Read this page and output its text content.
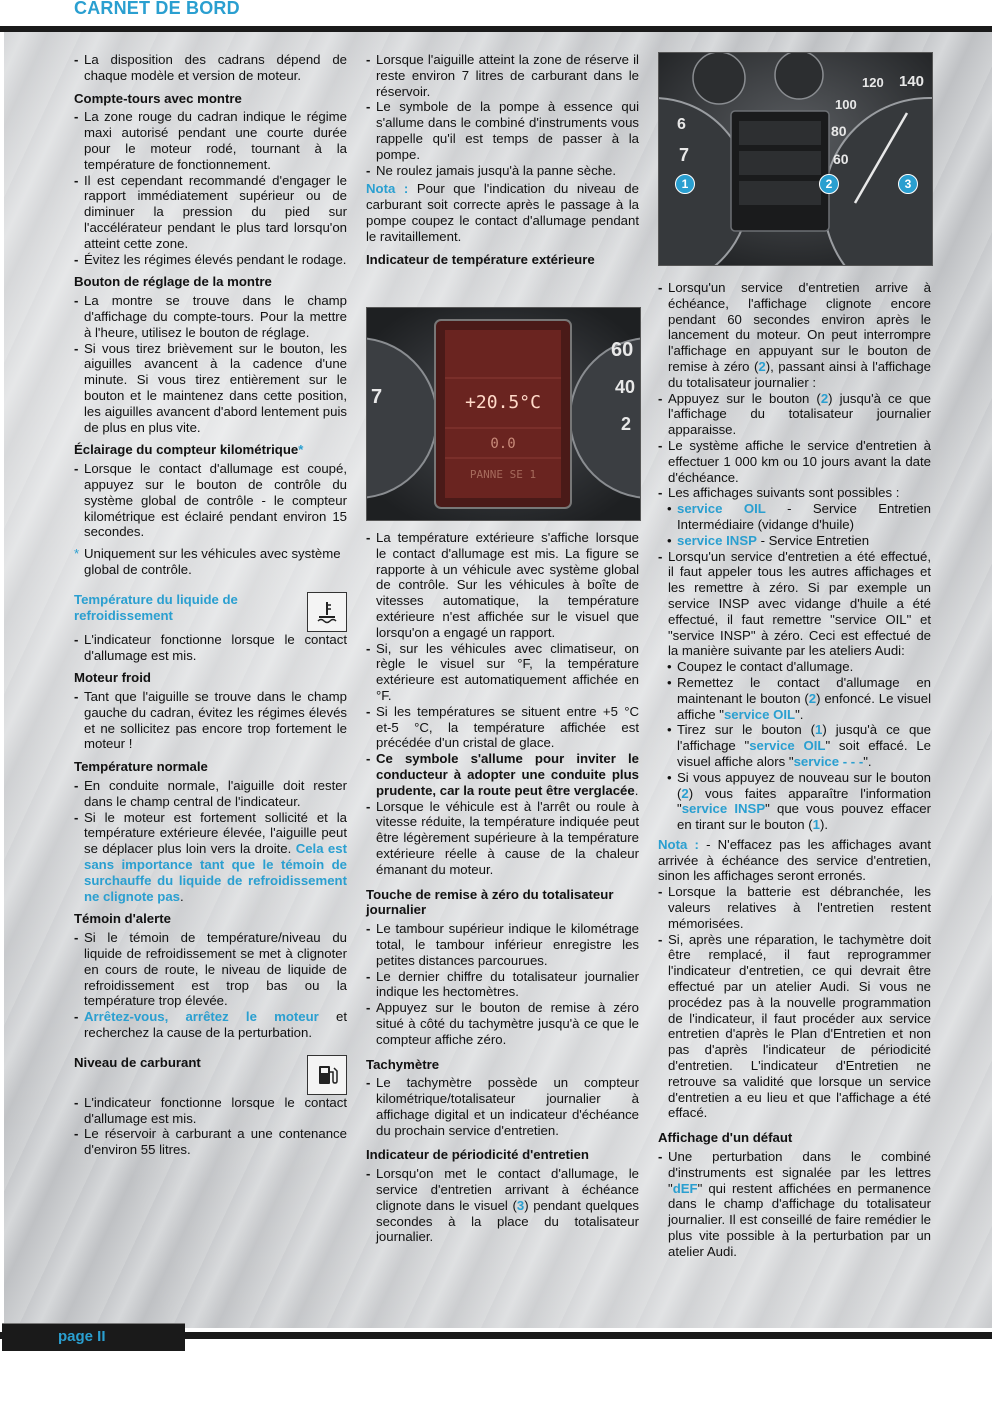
CARNET DE BORD

- La disposition des cadrans dépend de chaque modèle et version de moteur.

Compte-tours avec montre

- La zone rouge du cadran indique le régime maxi autorisé pendant une courte durée pour le moteur rodé, tournant à la température de fonctionnement.

- Il est cependant recommandé d'engager le rapport immédiatement supérieur ou de diminuer la pression du pied sur l'accélérateur pendant le plus tard lorsqu'on atteint cette zone.

- Évitez les régimes élevés pendant le rodage.

Bouton de réglage de la montre

- La montre se trouve dans le champ d'affichage du compte-tours. Pour la mettre à l'heure, utilisez le bouton de réglage.

- Si vous tirez brièvement sur le bouton, les aiguilles avancent à la cadence d'une minute. Si vous tirez entièrement sur le bouton et le maintenez dans cette position, les aiguilles avancent d'abord lentement puis de plus en plus vite.

Éclairage du compteur kilométrique*

- Lorsque le contact d'allumage est coupé, appuyez sur le bouton de contrôle du système global de contrôle - le compteur kilométrique est éclairé pendant environ 15 secondes.

* Uniquement sur les véhicules avec système global de contrôle.

Température du liquide de refroidissement

- L'indicateur fonctionne lorsque le contact d'allumage est mis.

Moteur froid

- Tant que l'aiguille se trouve dans le champ gauche du cadran, évitez les régimes élevés et ne sollicitez pas encore trop fortement le moteur !

Température normale

- En conduite normale, l'aiguille doit rester dans le champ central de l'indicateur.

- Si le moteur est fortement sollicité et la température extérieure élevée, l'aiguille peut se déplacer plus loin vers la droite. Cela est sans importance tant que le témoin de surchauffe du liquide de refroidissement ne clignote pas.

Témoin d'alerte

- Si le témoin de température/niveau du liquide de refroidissement se met à clignoter en cours de route, le niveau de liquide de refroidissement est trop bas ou la température trop élevée.

- Arrêtez-vous, arrêtez le moteur et recherchez la cause de la perturbation.

Niveau de carburant

- L'indicateur fonctionne lorsque le contact d'allumage est mis.

- Le réservoir à carburant a une contenance d'environ 55 litres.

- Lorsque l'aiguille atteint la zone de réserve il reste environ 7 litres de carburant dans le réservoir.

- Le symbole de la pompe à essence qui s'allume dans le combiné d'instruments vous rappelle qu'il est temps de passer à la pompe.

- Ne roulez jamais jusqu'à la panne sèche.

Nota : Pour que l'indication du niveau de carburant soit correcte après le passage à la pompe coupez le contact d'allumage pendant le ravitaillement.

Indicateur de température extérieure

7
60
40
2
+20.5°C
0.0
PANNE SE 1

- La température extérieure s'affiche lorsque le contact d'allumage est mis. La figure se rapporte à un véhicule avec système global de contrôle. Sur les véhicules à boîte de vitesses automatique, la température extérieure n'est affichée sur le visuel que lorsqu'on a engagé un rapport.

- Si, sur les véhicules avec climatiseur, on règle le visuel sur °F, la température extérieure est automatiquement affichée en °F.

- Si les températures se situent entre +5 °C et-5 °C, la température affichée est précédée d'un cristal de glace.

- Ce symbole s'allume pour inviter le conducteur à adopter une conduite plus prudente, car la route peut être verglacée.

- Lorsque le véhicule est à l'arrêt ou roule à vitesse réduite, la température indiquée peut être légèrement supérieure à la température extérieure réelle à cause de la chaleur émanant du moteur.

Touche de remise à zéro du totalisateur journalier

- Le tambour supérieur indique le kilométrage total, le tambour inférieur enregistre les petites distances parcourues.

- Le dernier chiffre du totalisateur journalier indique les hectomètres.

- Appuyez sur le bouton de remise à zéro situé à côté du tachymètre jusqu'à ce que le compteur affiche zéro.

Tachymètre

- Le tachymètre possède un compteur kilométrique/totalisateur journalier à affichage digital et un indicateur d'échéance du prochain service d'entretien.

Indicateur de périodicité d'entretien

- Lorsqu'on met le contact d'allumage, le service d'entretien arrivant à échéance clignote dans le visuel (3) pendant quelques secondes à la place du totalisateur journalier.

7
6
140
120
100
80
60
1	2	3

- Lorsqu'un service d'entretien arrive à échéance, l'affichage clignote encore pendant 60 secondes environ après le lancement du moteur. On peut interrompre l'affichage en appuyant sur le bouton de remise à zéro (2), passant ainsi à l'affichage du totalisateur journalier :

- Appuyez sur le bouton (2) jusqu'à ce que l'affichage du totalisateur journalier apparaisse.

- Le système affiche le service d'entretien à effectuer 1 000 km ou 10 jours avant la date d'échéance.

- Les affichages suivants sont possibles :

• service OIL - Service Entretien Intermédiaire (vidange d'huile)

• service INSP - Service Entretien

- Lorsqu'un service d'entretien a été effectué, il faut appeler tous les autres affichages et les remettre à zéro. Si par exemple un service INSP avec vidange d'huile a été effectué, il faut remettre "service OIL" et "service INSP" à zéro. Ceci est effectué de la manière suivante par les ateliers Audi:

• Coupez le contact d'allumage.

• Remettez le contact d'allumage en maintenant le bouton (2) enfoncé. Le visuel affiche "service OIL".

• Tirez sur le bouton (1) jusqu'à ce que l'affichage "service OIL" soit effacé. Le visuel affiche alors "service - - -".

• Si vous appuyez de nouveau sur le bouton (2) vous faites apparaître l'information "service INSP" que vous pouvez effacer en tirant sur le bouton (1).

Nota : - N'effacez pas les affichages avant arrivée à échéance des service d'entretien, sinon les affichages seront erronés.

- Lorsque la batterie est débranchée, les valeurs relatives à l'entretien restent mémorisées.

- Si, après une réparation, le tachymètre doit être remplacé, il faut reprogrammer l'indicateur d'entretien, ce qui devrait être effectué par un atelier Audi. Si vous ne procédez pas à la nouvelle programmation de l'indicateur, il faut procéder aux service entretien d'après le Plan d'Entretien et non pas d'après l'indicateur de périodicité d'entretien. L'indicateur d'Entretien ne retrouve sa validité que lorsque un service d'entretien a eu lieu et que l'affichage a été effacé.

Affichage d'un défaut

- Une perturbation dans le combiné d'instruments est signalée par les lettres "dEF" qui restent affichées en permanence dans le champ d'affichage du totalisateur journalier. Il est conseillé de faire remédier le plus vite possible à la perturbation par un atelier Audi.

page II
